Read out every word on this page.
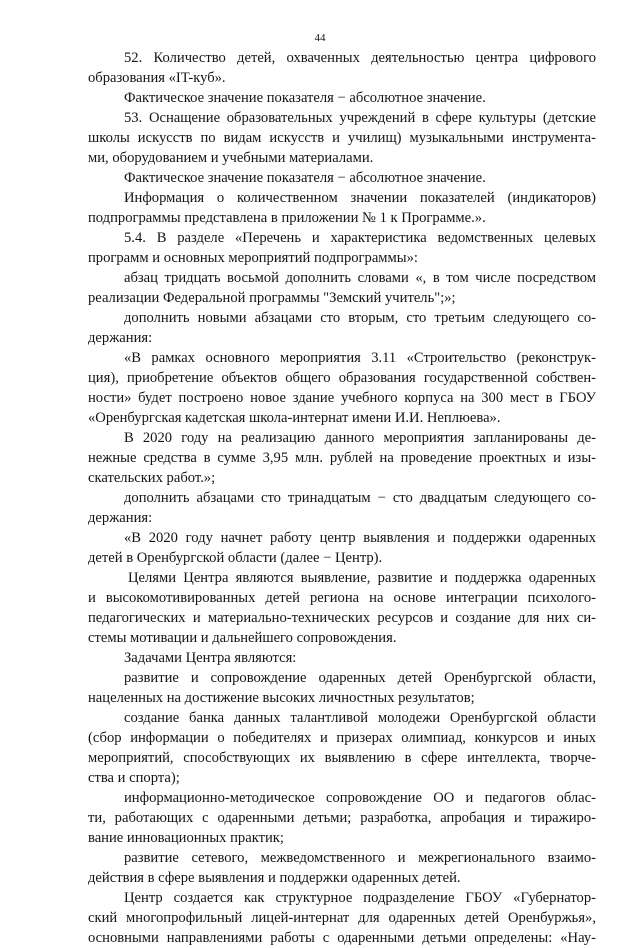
44
52. Количество детей, охваченных деятельностью центра цифрового
образования «IT-куб».
Фактическое значение показателя − абсолютное значение.
53. Оснащение образовательных учреждений в сфере культуры (детские
школы искусств по видам искусств и училищ) музыкальными инструмента-
ми, оборудованием и учебными материалами.
Фактическое значение показателя − абсолютное значение.
Информация о количественном значении показателей (индикаторов)
подпрограммы представлена в приложении № 1 к Программе.».
5.4. В разделе «Перечень и характеристика ведомственных целевых
программ и основных мероприятий подпрограммы»:
абзац тридцать восьмой дополнить словами «, в том числе посредством
реализации Федеральной программы "Земский учитель";»;
дополнить новыми абзацами сто вторым, сто третьим следующего со-
держания:
«В рамках основного мероприятия 3.11 «Строительство (реконструк-
ция), приобретение объектов общего образования государственной собствен-
ности» будет построено новое здание учебного корпуса на 300 мест в ГБОУ
«Оренбургская кадетская школа-интернат имени И.И. Неплюева».
В 2020 году на реализацию данного мероприятия запланированы де-
нежные средства в сумме 3,95 млн. рублей на проведение проектных и изы-
скательских работ.»;
дополнить абзацами сто тринадцатым − сто двадцатым следующего со-
держания:
«В 2020 году начнет работу центр выявления и поддержки одаренных
детей в Оренбургской области (далее − Центр).
Целями Центра являются выявление, развитие и поддержка одаренных
и высокомотивированных детей региона на основе интеграции психолого-
педагогических и материально-технических ресурсов и создание для них си-
стемы мотивации и дальнейшего сопровождения.
Задачами Центра являются:
развитие и сопровождение одаренных детей Оренбургской области,
нацеленных на достижение высоких личностных результатов;
создание банка данных талантливой молодежи Оренбургской области
(сбор информации о победителях и призерах олимпиад, конкурсов и иных
мероприятий, способствующих их выявлению в сфере интеллекта, творче-
ства и спорта);
информационно-методическое сопровождение ОО и педагогов облас-
ти, работающих с одаренными детьми; разработка, апробация и тиражиро-
вание инновационных практик;
развитие сетевого, межведомственного и межрегионального взаимо-
действия в сфере выявления и поддержки одаренных детей.
Центр создается как структурное подразделение ГБОУ «Губернатор-
ский многопрофильный лицей-интернат для одаренных детей Оренбуржья»,
основными направлениями работы с одаренными детьми определены: «Нау-
